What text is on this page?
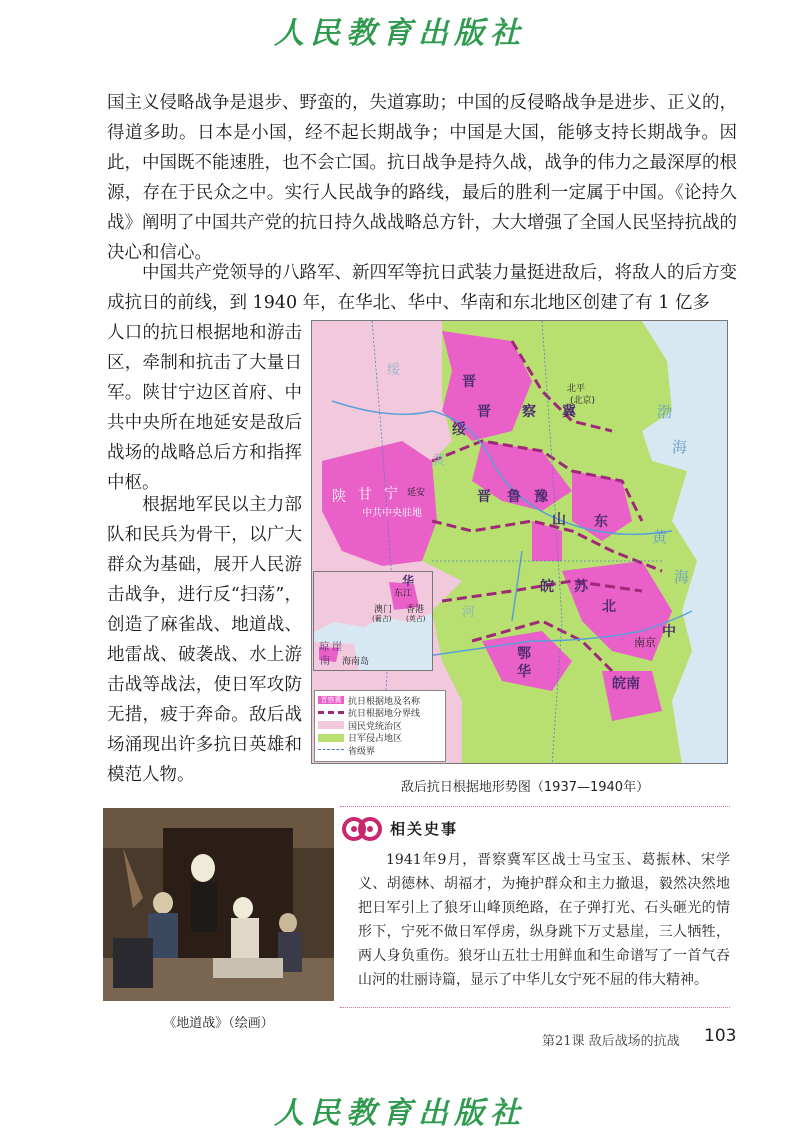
人民教育出版社
国主义侵略战争是退步、野蛮的，失道寡助；中国的反侵略战争是进步、正义的，得道多助。日本是小国，经不起长期战争；中国是大国，能够支持长期战争。因此，中国既不能速胜，也不会亡国。抗日战争是持久战，战争的伟力之最深厚的根源，存在于民众之中。实行人民战争的路线，最后的胜利一定属于中国。《论持久战》阐明了中国共产党的抗日持久战战略总方针，大大增强了全国人民坚持抗战的决心和信心。
中国共产党领导的八路军、新四军等抗日武装力量挺进敌后，将敌人的后方变成抗日的前线，到 1940 年，在华北、华中、华南和东北地区创建了有 1 亿多
人口的抗日根据地和游击区，牵制和抗击了大量日军。陕甘宁边区首府、中共中央所在地延安是敌后战场的战略总后方和指挥中枢。
根据地军民以主力部队和民兵为骨干，以广大群众为基础，展开人民游击战争，进行反“扫荡”，创造了麻雀战、地道战、地雷战、破袭战、水上游击战等战法，使日军攻防无措，疲于奔命。敌后战场涌现出许多抗日英雄和模范人物。
绥
晋
晋
绥
察 冀
北平
(北京)
渤
海
陕 甘 宁 延安
中共中央驻地
黄
晋 鲁 豫
山 东
黄
海
皖 苏
北
南京
中
华
鄂
皖南
河
华
东江
澳门 香港
(葡占) (英占)
琼 崖
南 海南岛
晋察冀 抗日根据地及名称
抗日根据地分界线
国民党统治区
日军侵占地区
省级界
敌后抗日根据地形势图（1937—1940年）
《地道战》（绘画）
相关史事
1941年9月，晋察冀军区战士马宝玉、葛振林、宋学义、胡德林、胡福才，为掩护群众和主力撤退，毅然决然地把日军引上了狼牙山峰顶绝路，在子弹打光、石头砸光的情形下，宁死不做日军俘虏，纵身跳下万丈悬崖，三人牺牲，两人身负重伤。狼牙山五壮士用鲜血和生命谱写了一首气吞山河的壮丽诗篇，显示了中华儿女宁死不屈的伟大精神。
第21课 敌后战场的抗战 103
人民教育出版社
